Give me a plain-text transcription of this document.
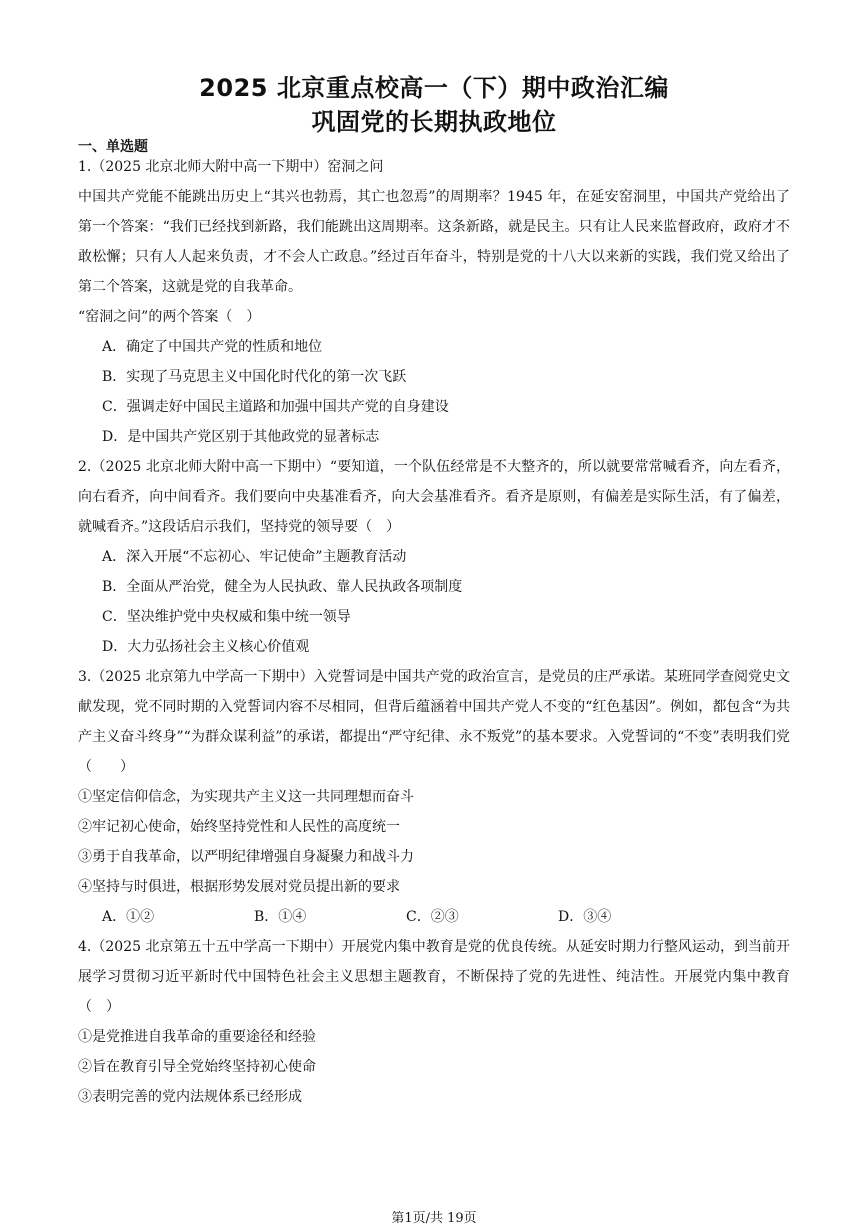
2025 北京重点校高一（下）期中政治汇编
巩固党的长期执政地位
一、单选题
1.（2025 北京北师大附中高一下期中）窑洞之问
中国共产党能不能跳出历史上“其兴也勃焉，其亡也忽焉”的周期率？1945 年，在延安窑洞里，中国共产党给出了第一个答案：“我们已经找到新路，我们能跳出这周期率。这条新路，就是民主。只有让人民来监督政府，政府才不敢松懈；只有人人起来负责，才不会人亡政息。”经过百年奋斗，特别是党的十八大以来新的实践，我们党又给出了第二个答案，这就是党的自我革命。
“窑洞之问”的两个答案（　）
A．确定了中国共产党的性质和地位
B．实现了马克思主义中国化时代化的第一次飞跃
C．强调走好中国民主道路和加强中国共产党的自身建设
D．是中国共产党区别于其他政党的显著标志
2.（2025 北京北师大附中高一下期中）“要知道，一个队伍经常是不大整齐的，所以就要常常喊看齐，向左看齐，向右看齐，向中间看齐。我们要向中央基准看齐，向大会基准看齐。看齐是原则，有偏差是实际生活，有了偏差，就喊看齐。”这段话启示我们，坚持党的领导要（　）
A．深入开展“不忘初心、牢记使命”主题教育活动
B．全面从严治党，健全为人民执政、靠人民执政各项制度
C．坚决维护党中央权威和集中统一领导
D．大力弘扬社会主义核心价值观
3.（2025 北京第九中学高一下期中）入党誓词是中国共产党的政治宣言，是党员的庄严承诺。某班同学查阅党史文献发现，党不同时期的入党誓词内容不尽相同，但背后蕴涵着中国共产党人不变的“红色基因”。例如，都包含“为共产主义奋斗终身”“为群众谋利益”的承诺，都提出“严守纪律、永不叛党”的基本要求。入党誓词的“不变”表明我们党（　　）
①坚定信仰信念，为实现共产主义这一共同理想而奋斗
②牢记初心使命，始终坚持党性和人民性的高度统一
③勇于自我革命，以严明纪律增强自身凝聚力和战斗力
④坚持与时俱进，根据形势发展对党员提出新的要求
A．①②	B．①④	C．②③	D．③④
4.（2025 北京第五十五中学高一下期中）开展党内集中教育是党的优良传统。从延安时期力行整风运动，到当前开展学习贯彻习近平新时代中国特色社会主义思想主题教育，不断保持了党的先进性、纯洁性。开展党内集中教育（　）
①是党推进自我革命的重要途径和经验
②旨在教育引导全党始终坚持初心使命
③表明完善的党内法规体系已经形成
第1页/共 19页
